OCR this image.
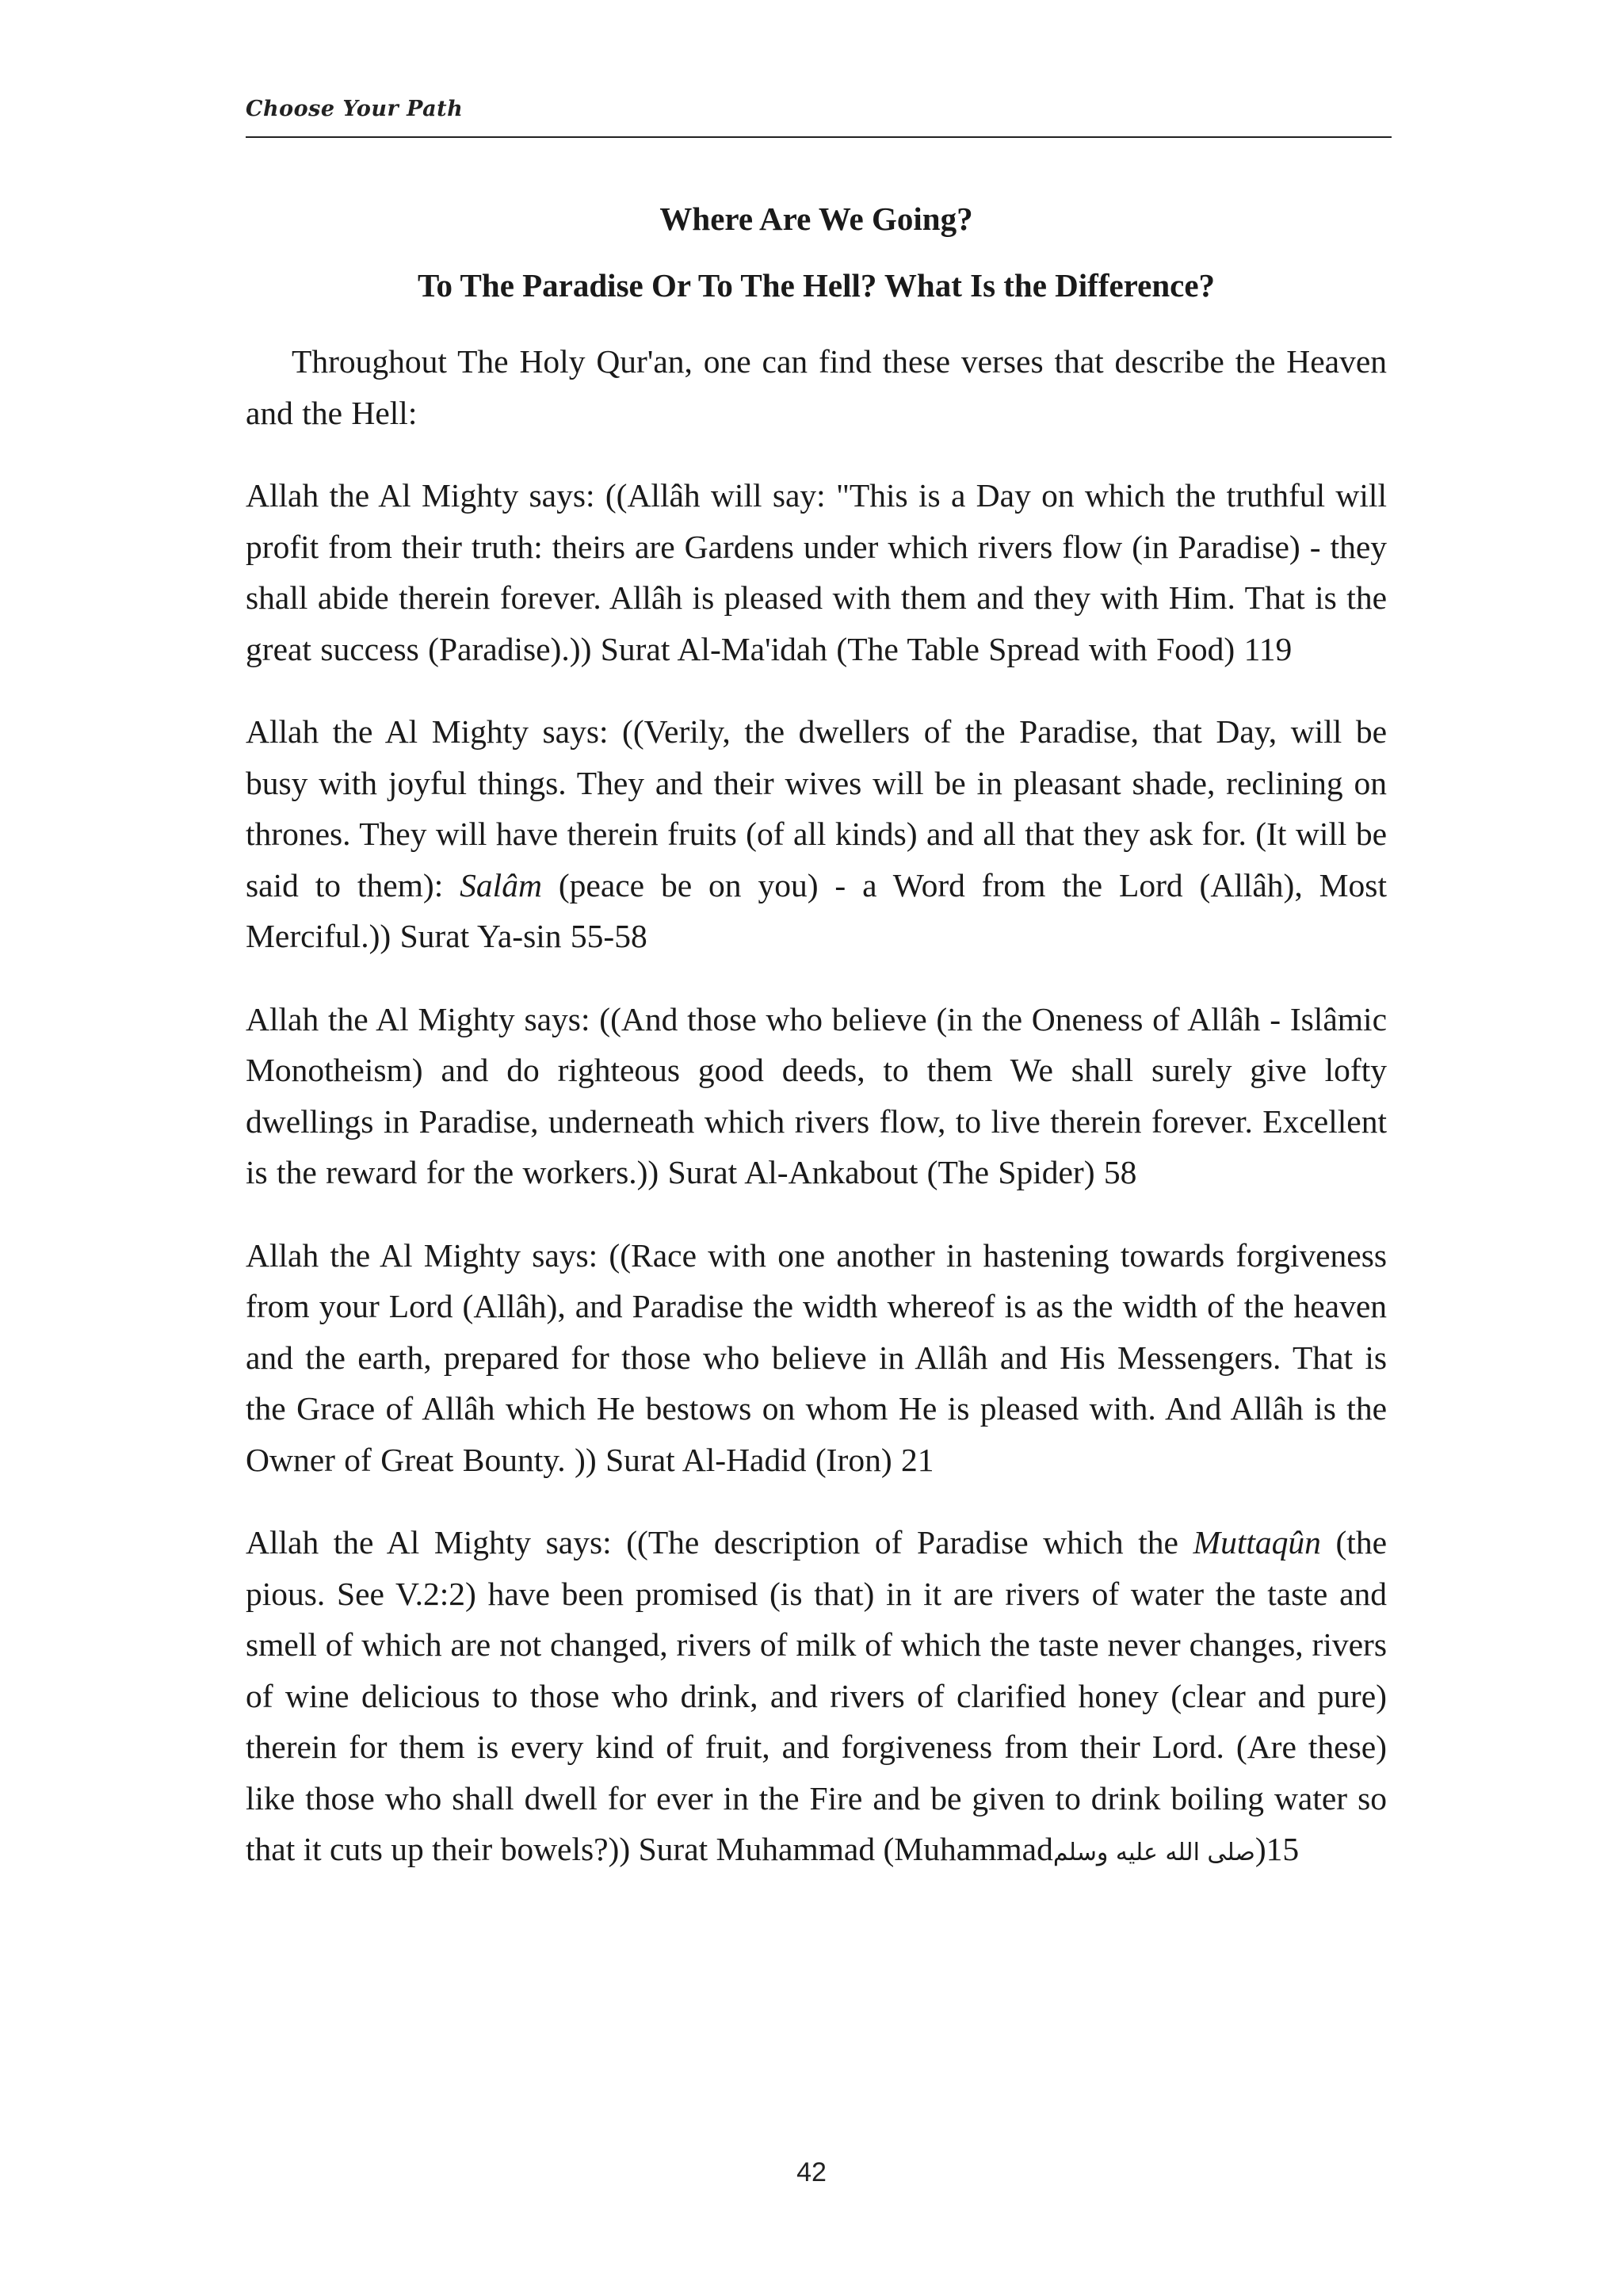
Choose Your Path
Where Are We Going?
To The Paradise Or To The Hell? What Is the Difference?

Throughout The Holy Qur'an, one can find these verses that describe the Heaven and the Hell:

Allah the Al Mighty says: ((Allâh will say: "This is a Day on which the truthful will profit from their truth: theirs are Gardens under which rivers flow (in Paradise) - they shall abide therein forever. Allâh is pleased with them and they with Him. That is the great success (Paradise).)) Surat Al-Ma'idah (The Table Spread with Food) 119

Allah the Al Mighty says: ((Verily, the dwellers of the Paradise, that Day, will be busy with joyful things. They and their wives will be in pleasant shade, reclining on thrones. They will have therein fruits (of all kinds) and all that they ask for. (It will be said to them): Salâm (peace be on you) - a Word from the Lord (Allâh), Most Merciful.)) Surat Ya-sin 55-58

Allah the Al Mighty says: ((And those who believe (in the Oneness of Allâh - Islâmic Monotheism) and do righteous good deeds, to them We shall surely give lofty dwellings in Paradise, underneath which rivers flow, to live therein forever. Excellent is the reward for the workers.)) Surat Al-Ankabout (The Spider) 58

Allah the Al Mighty says: ((Race with one another in hastening towards forgiveness from your Lord (Allâh), and Paradise the width whereof is as the width of the heaven and the earth, prepared for those who believe in Allâh and His Messengers. That is the Grace of Allâh which He bestows on whom He is pleased with. And Allâh is the Owner of Great Bounty. )) Surat Al-Hadid (Iron) 21

Allah the Al Mighty says: ((The description of Paradise which the Muttaqûn (the pious. See V.2:2) have been promised (is that) in it are rivers of water the taste and smell of which are not changed, rivers of milk of which the taste never changes, rivers of wine delicious to those who drink, and rivers of clarified honey (clear and pure) therein for them is every kind of fruit, and forgiveness from their Lord. (Are these) like those who shall dwell for ever in the Fire and be given to drink boiling water so that it cuts up their bowels?)) Surat Muhammad (Muhammadصلى الله عليه وسلم)15

42
